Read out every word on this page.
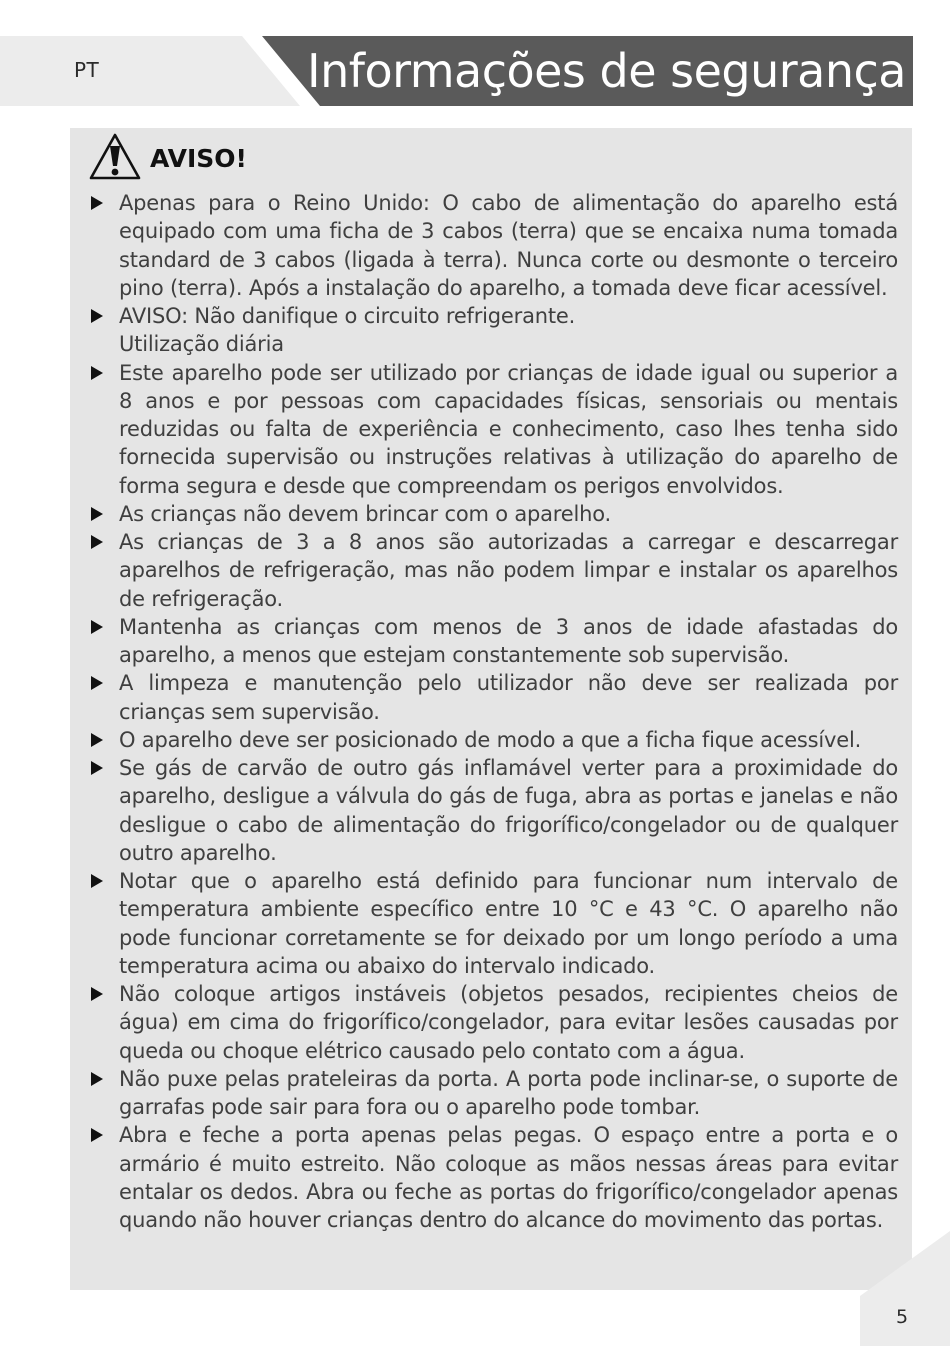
PT	Informações de segurança
AVISO!
Apenas para o Reino Unido: O cabo de alimentação do aparelho está equipado com uma ficha de 3 cabos (terra) que se encaixa numa tomada standard de 3 cabos (ligada à terra). Nunca corte ou desmonte o terceiro pino (terra). Após a instalação do aparelho, a tomada deve ficar acessível.
AVISO: Não danifique o circuito refrigerante.
Utilização diária
Este aparelho pode ser utilizado por crianças de idade igual ou superior a 8 anos e por pessoas com capacidades físicas, sensoriais ou mentais reduzidas ou falta de experiência e conhecimento, caso lhes tenha sido fornecida supervisão ou instruções relativas à utilização do aparelho de forma segura e desde que compreendam os perigos envolvidos.
As crianças não devem brincar com o aparelho.
As crianças de 3 a 8 anos são autorizadas a carregar e descarregar aparelhos de refrigeração, mas não podem limpar e instalar os aparelhos de refrigeração.
Mantenha as crianças com menos de 3 anos de idade afastadas do aparelho, a menos que estejam constantemente sob supervisão.
A limpeza e manutenção pelo utilizador não deve ser realizada por crianças sem supervisão.
O aparelho deve ser posicionado de modo a que a ficha fique acessível.
Se gás de carvão de outro gás inflamável verter para a proximidade do aparelho, desligue a válvula do gás de fuga, abra as portas e janelas e não desligue o cabo de alimentação do frigorífico/congelador ou de qualquer outro aparelho.
Notar que o aparelho está definido para funcionar num intervalo de temperatura ambiente específico entre 10 °C e 43 °C. O aparelho não pode funcionar corretamente se for deixado por um longo período a uma temperatura acima ou abaixo do intervalo indicado.
Não coloque artigos instáveis (objetos pesados, recipientes cheios de água) em cima do frigorífico/congelador, para evitar lesões causadas por queda ou choque elétrico causado pelo contato com a água.
Não puxe pelas prateleiras da porta. A porta pode inclinar-se, o suporte de garrafas pode sair para fora ou o aparelho pode tombar.
Abra e feche a porta apenas pelas pegas. O espaço entre a porta e o armário é muito estreito. Não coloque as mãos nessas áreas para evitar entalar os dedos. Abra ou feche as portas do frigorífico/congelador apenas quando não houver crianças dentro do alcance do movimento das portas.
5
